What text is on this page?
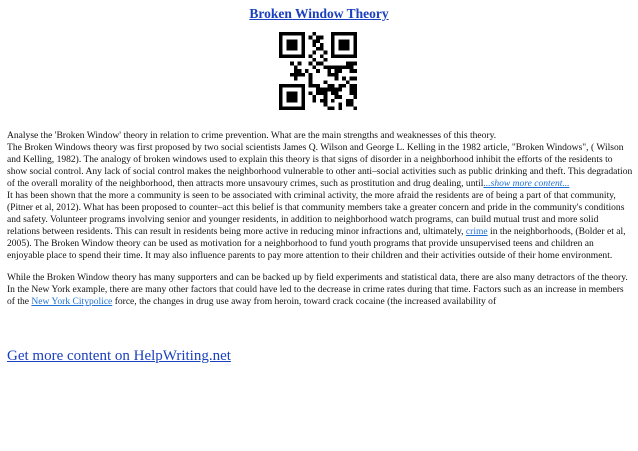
Broken Window Theory

Analyse the 'Broken Window' theory in relation to crime prevention. What are the main strengths and weaknesses of this theory.

The Broken Windows theory was first proposed by two social scientists James Q. Wilson and George L. Kelling in the 1982 article, "Broken Windows", ( Wilson and Kelling, 1982). The analogy of broken windows used to explain this theory is that signs of disorder in a neighborhood inhibit the efforts of the residents to show social control. Any lack of social control makes the neighborhood vulnerable to other anti–social activities such as public drinking and theft. This degradation of the overall morality of the neighborhood, then attracts more unsavoury crimes, such as prostitution and drug dealing, until...show more content...

It has been shown that the more a community is seen to be associated with criminal activity, the more afraid the residents are of being a part of that community, (Pitner et al, 2012). What has been proposed to counter–act this belief is that community members take a greater concern and pride in the community's conditions and safety. Volunteer programs involving senior and younger residents, in addition to neighborhood watch programs, can build mutual trust and more solid relations between residents. This can result in residents being more active in reducing minor infractions and, ultimately, crime in the neighborhoods, (Bolder et al, 2005). The Broken Window theory can be used as motivation for a neighborhood to fund youth programs that provide unsupervised teens and children an enjoyable place to spend their time. It may also influence parents to pay more attention to their children and their activities outside of their home environment.

While the Broken Window theory has many supporters and can be backed up by field experiments and statistical data, there are also many detractors of the theory. In the New York example, there are many other factors that could have led to the decrease in crime rates during that time. Factors such as an increase in members of the New York Citypolice force, the changes in drug use away from heroin, toward crack cocaine (the increased availability of

Get more content on HelpWriting.net
